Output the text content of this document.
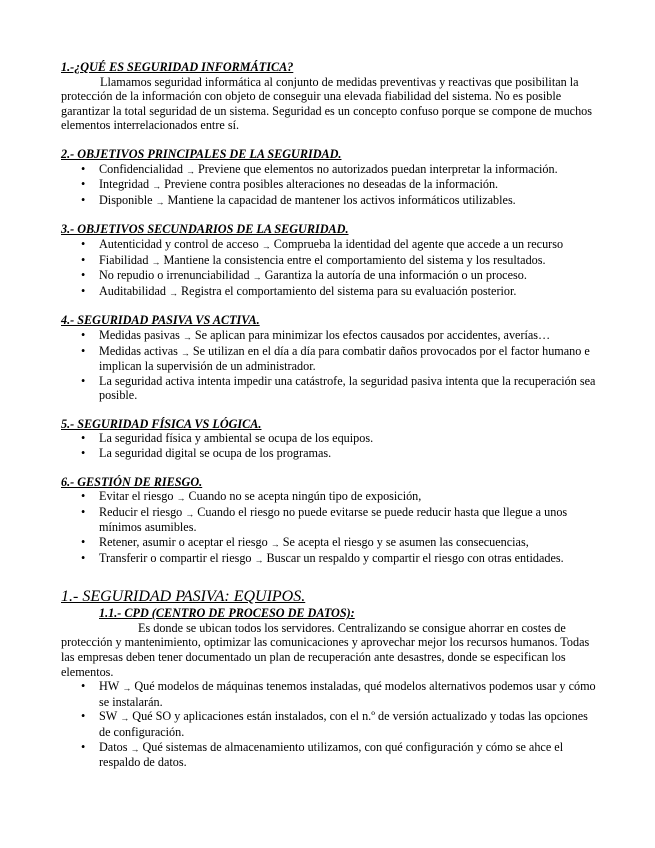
1.-¿QUÉ ES SEGURIDAD INFORMÁTICA?

Llamamos seguridad informática al conjunto de medidas preventivas y reactivas que posibilitan la protección de la información con objeto de conseguir una elevada fiabilidad del sistema. No es posible garantizar la total seguridad de un sistema. Seguridad es un concepto confuso porque se compone de muchos elementos interrelacionados entre sí.

2.- OBJETIVOS PRINCIPALES DE LA SEGURIDAD.

• Confidencialidad → Previene que elementos no autorizados puedan interpretar la información.
• Integridad → Previene contra posibles alteraciones no deseadas de la información.
• Disponible → Mantiene la capacidad de mantener los activos informáticos utilizables.

3.- OBJETIVOS SECUNDARIOS DE LA SEGURIDAD.

• Autenticidad y control de acceso → Comprueba la identidad del agente que accede a un recurso
• Fiabilidad → Mantiene la consistencia entre el comportamiento del sistema y los resultados.
• No repudio o irrenunciabilidad → Garantiza la autoría de una información o un proceso.
• Auditabilidad → Registra el comportamiento del sistema para su evaluación posterior.

4.- SEGURIDAD PASIVA VS ACTIVA.

• Medidas pasivas → Se aplican para minimizar los efectos causados por accidentes, averías…
• Medidas activas → Se utilizan en el día a día para combatir daños provocados por el factor humano e implican la supervisión de un administrador.
• La seguridad activa intenta impedir una catástrofe, la seguridad pasiva intenta que la recuperación sea posible.

5.- SEGURIDAD FÍSICA VS LÓGICA.

• La seguridad física y ambiental se ocupa de los equipos.
• La seguridad digital se ocupa de los programas.

6.- GESTIÓN DE RIESGO.

• Evitar el riesgo → Cuando no se acepta ningún tipo de exposición,
• Reducir el riesgo → Cuando el riesgo no puede evitarse se puede reducir hasta que llegue a unos mínimos asumibles.
• Retener, asumir o aceptar el riesgo → Se acepta el riesgo y se asumen las consecuencias,
• Transferir o compartir el riesgo → Buscar un respaldo y compartir el riesgo con otras entidades.

1.- SEGURIDAD PASIVA: EQUIPOS.

1.1.- CPD (CENTRO DE PROCESO DE DATOS):

Es donde se ubican todos los servidores. Centralizando se consigue ahorrar en costes de protección y mantenimiento, optimizar las comunicaciones y aprovechar mejor los recursos humanos. Todas las empresas deben tener documentado un plan de recuperación ante desastres, donde se especifican los elementos.

• HW → Qué modelos de máquinas tenemos instaladas, qué modelos alternativos podemos usar y cómo se instalarán.
• SW → Qué SO y aplicaciones están instalados, con el n.º de versión actualizado y todas las opciones de configuración.
• Datos → Qué sistemas de almacenamiento utilizamos, con qué configuración y cómo se ahce el respaldo de datos.
